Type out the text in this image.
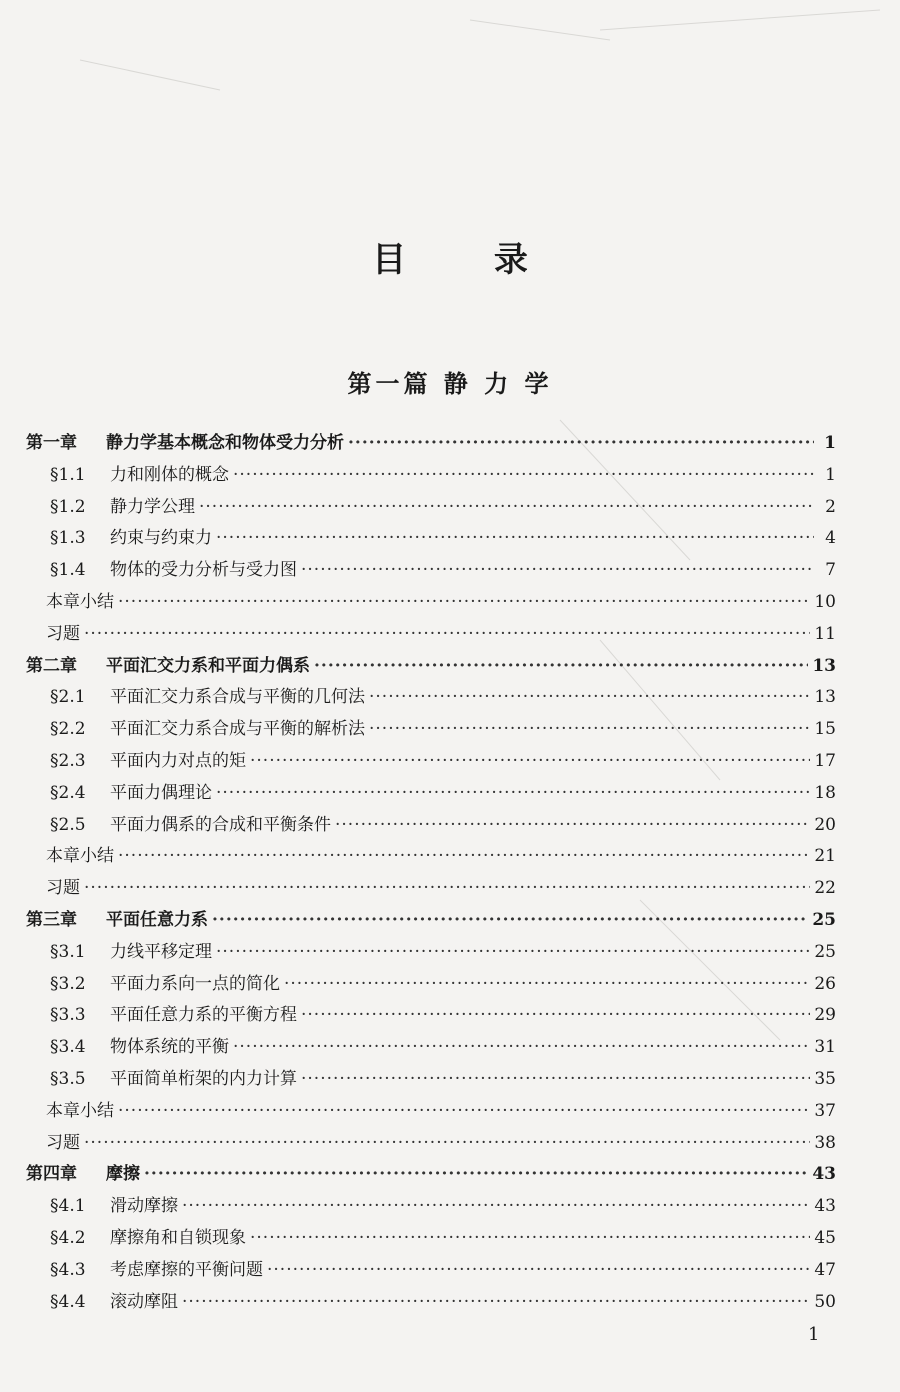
目 录
第一篇 静 力 学
第一章	静力学基本概念和物体受力分析 ·····	1
§1.1	力和刚体的概念 ·····	1
§1.2	静力学公理 ·····	2
§1.3	约束与约束力 ·····	4
§1.4	物体的受力分析与受力图 ·····	7
本章小结 ·····	10
习题 ·····	11
第二章	平面汇交力系和平面力偶系 ·····	13
§2.1	平面汇交力系合成与平衡的几何法 ·····	13
§2.2	平面汇交力系合成与平衡的解析法 ·····	15
§2.3	平面内力对点的矩 ·····	17
§2.4	平面力偶理论 ·····	18
§2.5	平面力偶系的合成和平衡条件 ·····	20
本章小结 ·····	21
习题 ·····	22
第三章	平面任意力系 ·····	25
§3.1	力线平移定理 ·····	25
§3.2	平面力系向一点的简化 ·····	26
§3.3	平面任意力系的平衡方程 ·····	29
§3.4	物体系统的平衡 ·····	31
§3.5	平面简单桁架的内力计算 ·····	35
本章小结 ·····	37
习题 ·····	38
第四章	摩擦 ·····	43
§4.1	滑动摩擦 ·····	43
§4.2	摩擦角和自锁现象 ·····	45
§4.3	考虑摩擦的平衡问题 ·····	47
§4.4	滚动摩阻 ·····	50
1
